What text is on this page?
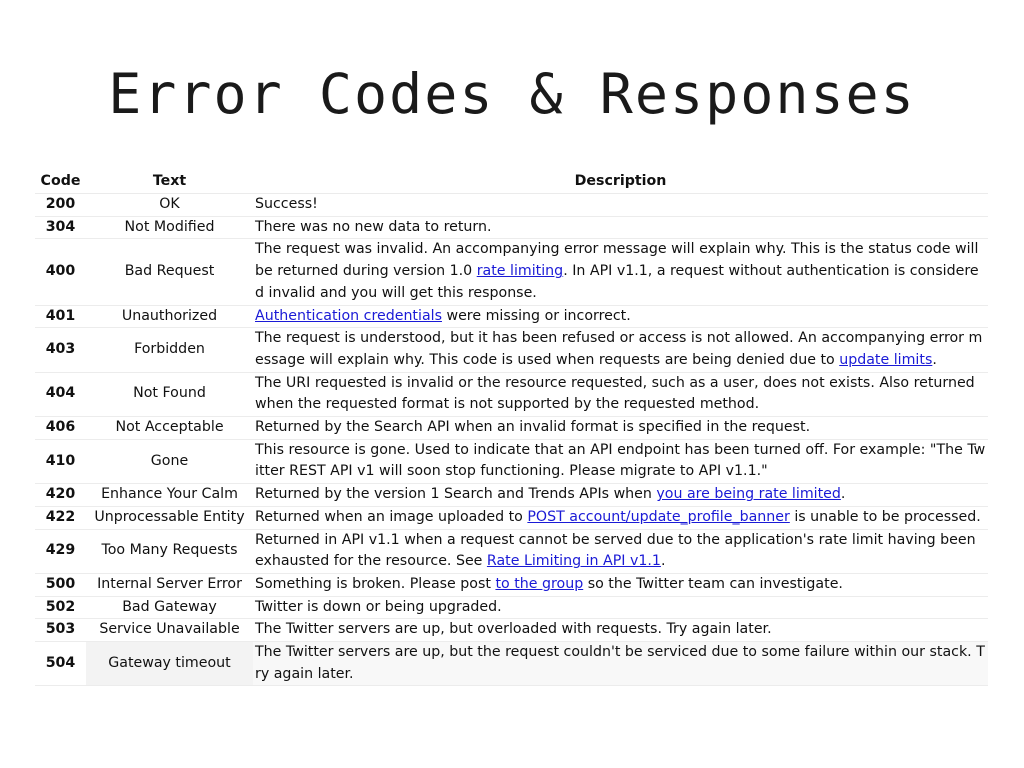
Error Codes & Responses
Code	Text	Description
200	OK	Success!
304	Not Modified	There was no new data to return.
400	Bad Request	The request was invalid. An accompanying error message will explain why. This is the status code will be returned during version 1.0 rate limiting. In API v1.1, a request without authentication is considered invalid and you will get this response.
401	Unauthorized	Authentication credentials were missing or incorrect.
403	Forbidden	The request is understood, but it has been refused or access is not allowed. An accompanying error message will explain why. This code is used when requests are being denied due to update limits.
404	Not Found	The URI requested is invalid or the resource requested, such as a user, does not exists. Also returned when the requested format is not supported by the requested method.
406	Not Acceptable	Returned by the Search API when an invalid format is specified in the request.
410	Gone	This resource is gone. Used to indicate that an API endpoint has been turned off. For example: "The Twitter REST API v1 will soon stop functioning. Please migrate to API v1.1."
420	Enhance Your Calm	Returned by the version 1 Search and Trends APIs when you are being rate limited.
422	Unprocessable Entity	Returned when an image uploaded to POST account/update_profile_banner is unable to be processed.
429	Too Many Requests	Returned in API v1.1 when a request cannot be served due to the application's rate limit having been exhausted for the resource. See Rate Limiting in API v1.1.
500	Internal Server Error	Something is broken. Please post to the group so the Twitter team can investigate.
502	Bad Gateway	Twitter is down or being upgraded.
503	Service Unavailable	The Twitter servers are up, but overloaded with requests. Try again later.
504	Gateway timeout	The Twitter servers are up, but the request couldn't be serviced due to some failure within our stack. Try again later.
